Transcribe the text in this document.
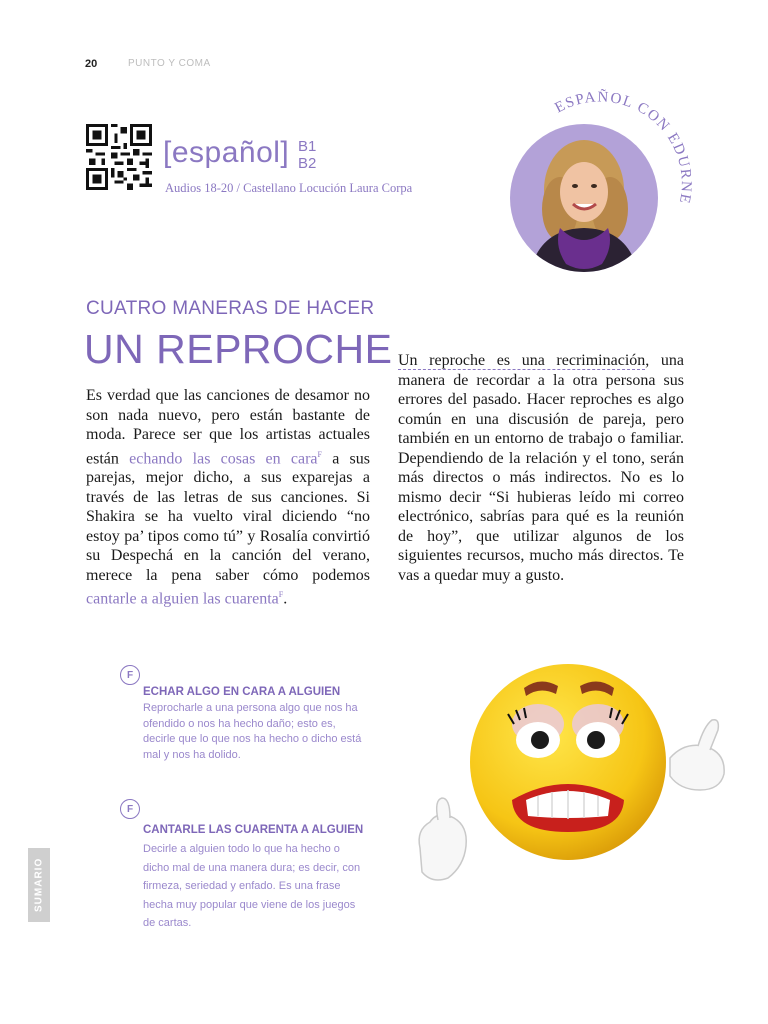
20	PUNTO Y COMA
[español] B1
B2
Audios 18-20 / Castellano Locución Laura Corpa
ESPAÑOL CON EDURNE
CUATRO MANERAS DE HACER
UN REPROCHE
Es verdad que las canciones de desamor no son nada nuevo, pero están bastante de moda. Parece ser que los artistas actuales están echando las cosas en cara$^F$ a sus parejas, mejor dicho, a sus exparejas a través de las letras de sus canciones. Si Shakira se ha vuelto viral diciendo “no estoy pa’ tipos como tú” y Rosalía convirtió su Despechá en la canción del verano, merece la pena saber cómo podemos cantarle a alguien las cuarenta$^F$.
Un reproche es una recriminación, una manera de recordar a la otra persona sus errores del pasado. Hacer reproches es algo común en una discusión de pareja, pero también en un entorno de trabajo o familiar. Dependiendo de la relación y el tono, serán más directos o más indirectos. No es lo mismo decir “Si hubieras leído mi correo electrónico, sabrías para qué es la reunión de hoy”, que utilizar algunos de los siguientes recursos, mucho más directos. Te vas a quedar muy a gusto.
F
ECHAR ALGO EN CARA A ALGUIEN
Reprocharle a una persona algo que nos ha ofendido o nos ha hecho daño; esto es, decirle que lo que nos ha hecho o dicho está mal y nos ha dolido.
F
CANTARLE LAS CUARENTA A ALGUIEN Decirle a alguien todo lo que ha hecho o dicho mal de una manera dura; es decir, con firmeza, seriedad y enfado. Es una frase hecha muy popular que viene de los juegos de cartas.
SUMARIO
